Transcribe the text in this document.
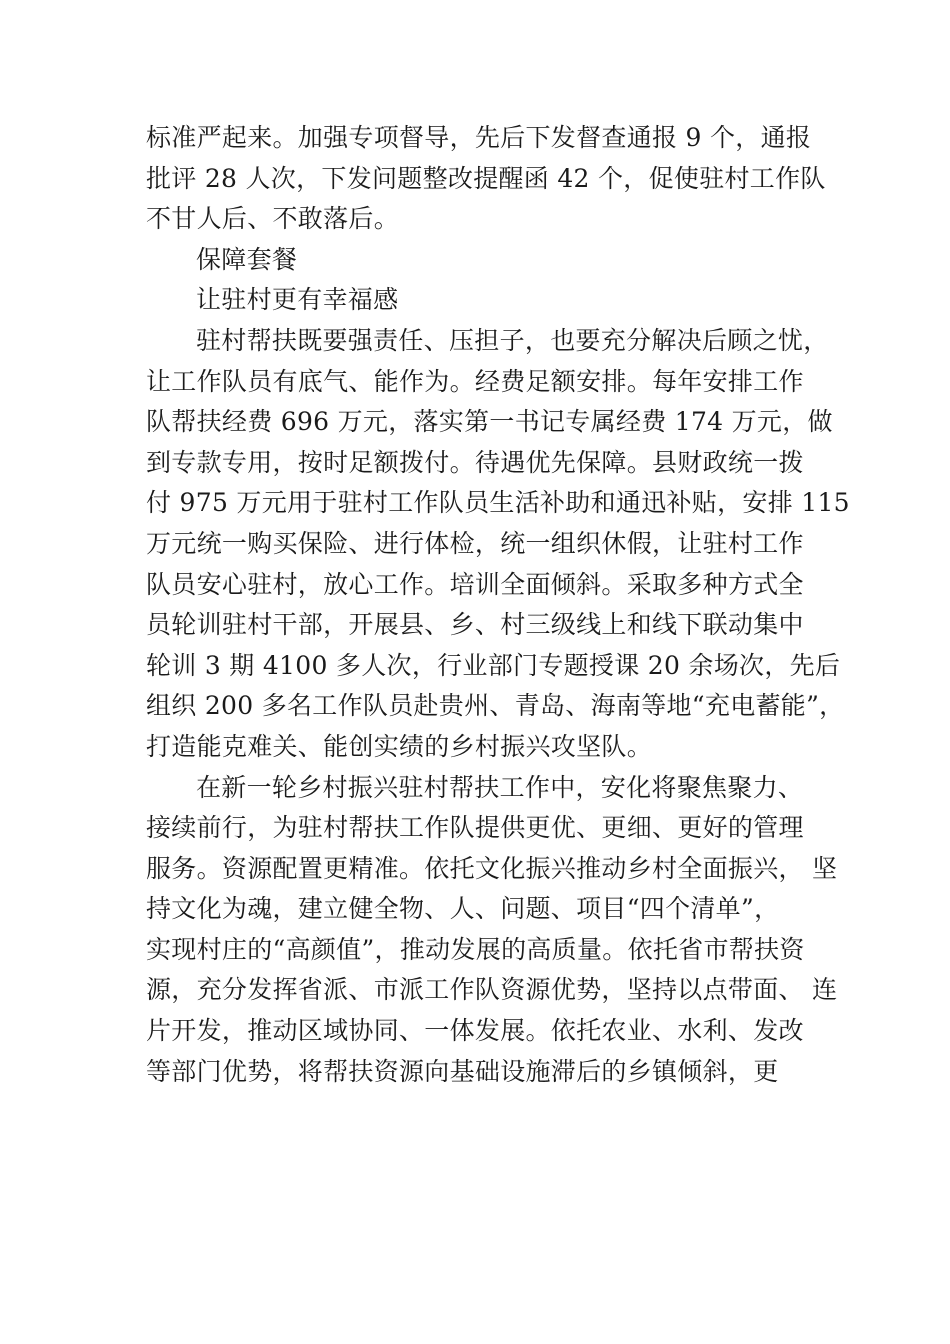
标准严起来。加强专项督导，先后下发督查通报 9 个，通报
批评 28 人次，下发问题整改提醒函 42 个，促使驻村工作队
不甘人后、不敢落后。
保障套餐
让驻村更有幸福感
驻村帮扶既要强责任、压担子，也要充分解决后顾之忧，
让工作队员有底气、能作为。经费足额安排。每年安排工作
队帮扶经费 696 万元，落实第一书记专属经费 174 万元，做
到专款专用，按时足额拨付。待遇优先保障。县财政统一拨
付 975 万元用于驻村工作队员生活补助和通迅补贴，安排 115
万元统一购买保险、进行体检，统一组织休假，让驻村工作
队员安心驻村，放心工作。培训全面倾斜。采取多种方式全
员轮训驻村干部，开展县、乡、村三级线上和线下联动集中
轮训 3 期 4100 多人次，行业部门专题授课 20 余场次，先后
组织 200 多名工作队员赴贵州、青岛、海南等地“充电蓄能”，
打造能克难关、能创实绩的乡村振兴攻坚队。
在新一轮乡村振兴驻村帮扶工作中，安化将聚焦聚力、
接续前行，为驻村帮扶工作队提供更优、更细、更好的管理
服务。资源配置更精准。依托文化振兴推动乡村全面振兴， 坚
持文化为魂，建立健全物、人、问题、项目“四个清单”，
实现村庄的“高颜值”，推动发展的高质量。依托省市帮扶资
源，充分发挥省派、市派工作队资源优势，坚持以点带面、 连
片开发，推动区域协同、一体发展。依托农业、水利、发改
等部门优势，将帮扶资源向基础设施滞后的乡镇倾斜，更
